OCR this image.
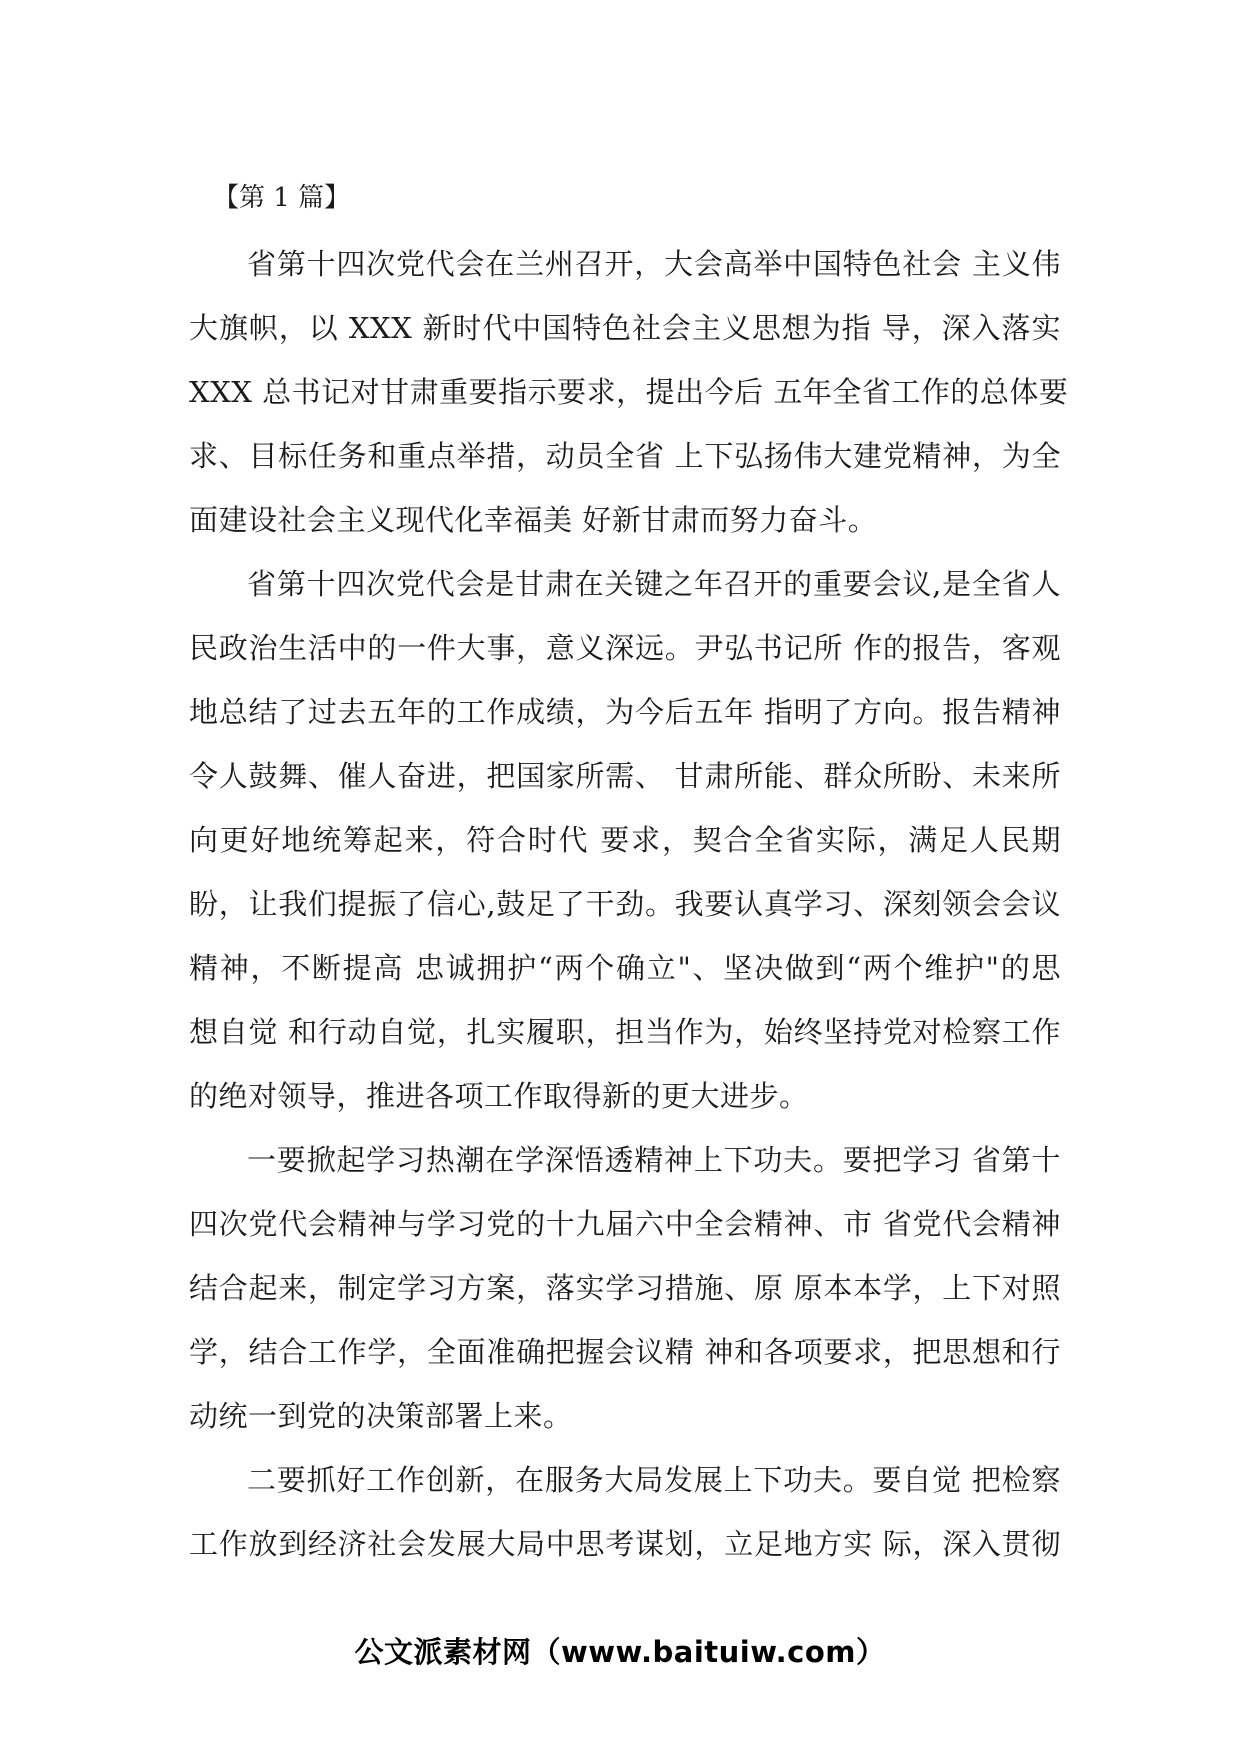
【第 1 篇】
省第十四次党代会在兰州召开，大会高举中国特色社会 主义伟
大旗帜，以 XXX 新时代中国特色社会主义思想为指 导，深入落实
XXX 总书记对甘肃重要指示要求，提出今后 五年全省工作的总体要
求、目标任务和重点举措，动员全省 上下弘扬伟大建党精神，为全
面建设社会主义现代化幸福美 好新甘肃而努力奋斗。
省第十四次党代会是甘肃在关键之年召开的重要会议,是全省人
民政治生活中的一件大事，意义深远。尹弘书记所 作的报告，客观
地总结了过去五年的工作成绩，为今后五年 指明了方向。报告精神
令人鼓舞、催人奋进，把国家所需、 甘肃所能、群众所盼、未来所
向更好地统筹起来，符合时代 要求，契合全省实际，满足人民期
盼，让我们提振了信心,鼓足了干劲。我要认真学习、深刻领会会议
精神，不断提高 忠诚拥护“两个确立"、坚决做到“两个维护"的思
想自觉 和行动自觉，扎实履职，担当作为，始终坚持党对检察工作
的绝对领导，推进各项工作取得新的更大进步。
一要掀起学习热潮在学深悟透精神上下功夫。要把学习 省第十
四次党代会精神与学习党的十九届六中全会精神、市 省党代会精神
结合起来，制定学习方案，落实学习措施、原 原本本学，上下对照
学，结合工作学，全面准确把握会议精 神和各项要求，把思想和行
动统一到党的决策部署上来。
二要抓好工作创新，在服务大局发展上下功夫。要自觉 把检察
工作放到经济社会发展大局中思考谋划，立足地方实 际，深入贯彻
公文派素材网（www.baituiw.com）
